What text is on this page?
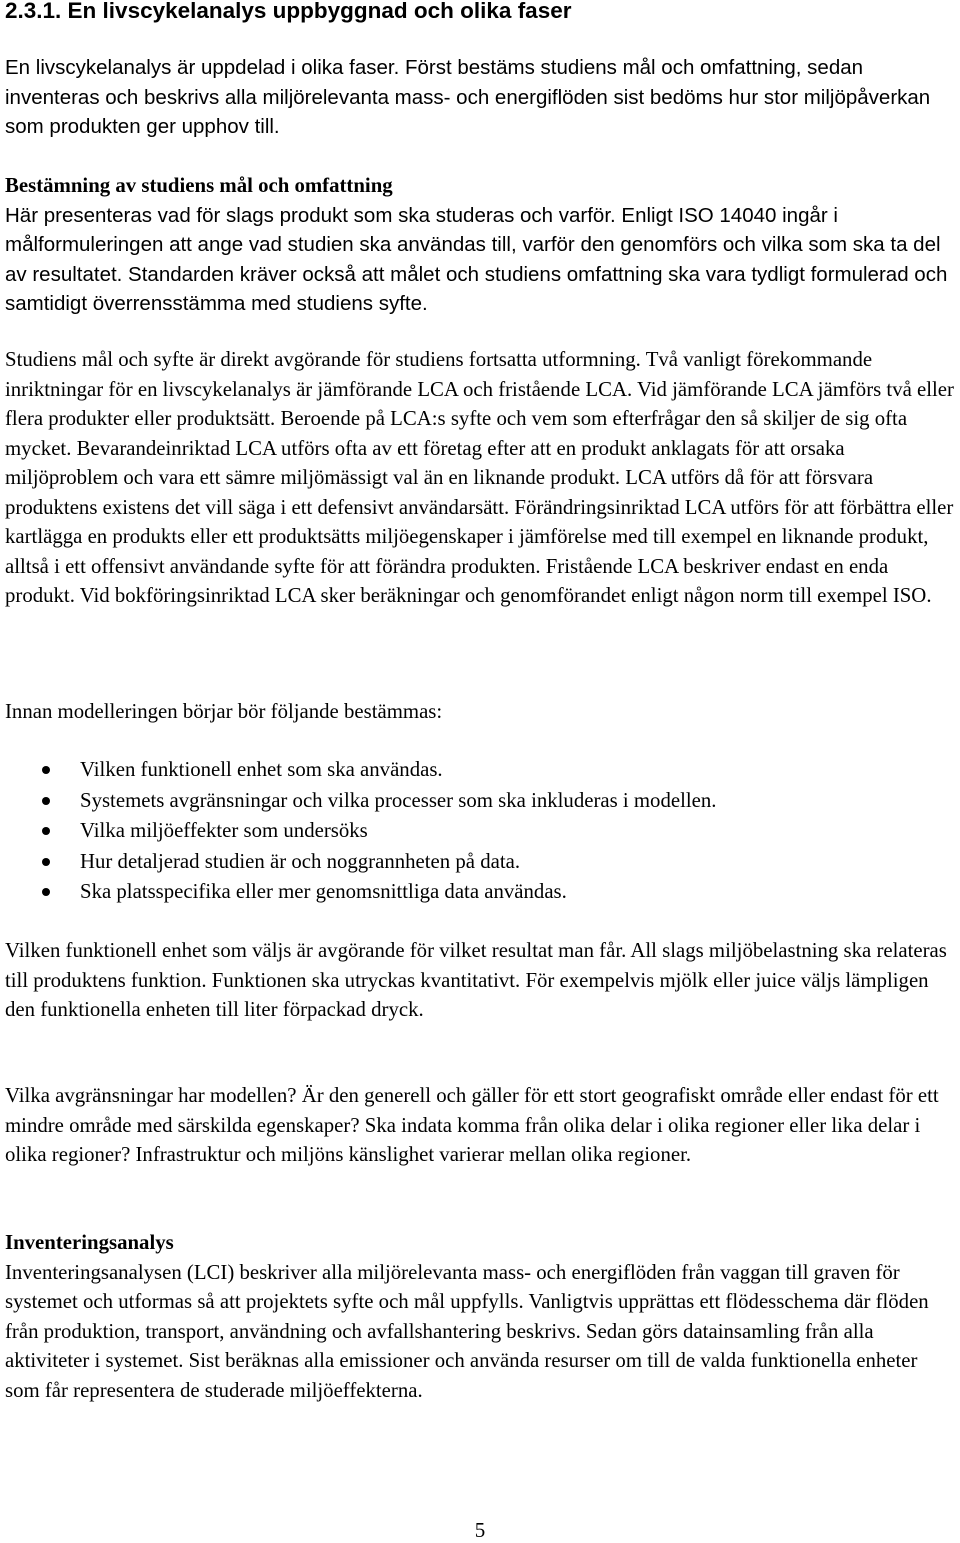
2.3.1. En livscykelanalys uppbyggnad och olika faser

En livscykelanalys är uppdelad i olika faser. Först bestäms studiens mål och omfattning, sedan inventeras och beskrivs alla miljörelevanta mass- och energiflöden sist bedöms hur stor miljöpåverkan som produkten ger upphov till.

Bestämning av studiens mål och omfattning

Här presenteras vad för slags produkt som ska studeras och varför. Enligt ISO 14040 ingår i målformuleringen att ange vad studien ska användas till, varför den genomförs och vilka som ska ta del av resultatet. Standarden kräver också att målet och studiens omfattning ska vara tydligt formulerad och samtidigt överrensstämma med studiens syfte.

Studiens mål och syfte är direkt avgörande för studiens fortsatta utformning. Två vanligt förekommande inriktningar för en livscykelanalys är jämförande LCA och fristående LCA. Vid jämförande LCA jämförs två eller flera produkter eller produktsätt. Beroende på LCA:s syfte och vem som efterfrågar den så skiljer de sig ofta mycket. Bevarandeinriktad LCA utförs ofta av ett företag efter att en produkt anklagats för att orsaka miljöproblem och vara ett sämre miljömässigt val än en liknande produkt. LCA utförs då för att försvara produktens existens det vill säga i ett defensivt användarsätt. Förändringsinriktad LCA utförs för att förbättra eller kartlägga en produkts eller ett produktsätts miljöegenskaper i jämförelse med till exempel en liknande produkt, alltså i ett offensivt användande syfte för att förändra produkten. Fristående LCA beskriver endast en enda produkt. Vid bokföringsinriktad LCA sker beräkningar och genomförandet enligt någon norm till exempel ISO.

Innan modelleringen börjar bör följande bestämmas:

Vilken funktionell enhet som ska användas.
Systemets avgränsningar och vilka processer som ska inkluderas i modellen.
Vilka miljöeffekter som undersöks
Hur detaljerad studien är och noggrannheten på data.
Ska platsspecifika eller mer genomsnittliga data användas.

Vilken funktionell enhet som väljs är avgörande för vilket resultat man får. All slags miljöbelastning ska relateras till produktens funktion. Funktionen ska utryckas kvantitativt. För exempelvis mjölk eller juice väljs lämpligen den funktionella enheten till liter förpackad dryck.

Vilka avgränsningar har modellen? Är den generell och gäller för ett stort geografiskt område eller endast för ett mindre område med särskilda egenskaper? Ska indata komma från olika delar i olika regioner eller lika delar i olika regioner? Infrastruktur och miljöns känslighet varierar mellan olika regioner.

Inventeringsanalys

Inventeringsanalysen (LCI) beskriver alla miljörelevanta mass- och energiflöden från vaggan till graven för systemet och utformas så att projektets syfte och mål uppfylls. Vanligtvis upprättas ett flödesschema där flöden från produktion, transport, användning och avfallshantering beskrivs. Sedan görs datainsamling från alla aktiviteter i systemet. Sist beräknas alla emissioner och använda resurser om till de valda funktionella enheter som får representera de studerade miljöeffekterna.

5
